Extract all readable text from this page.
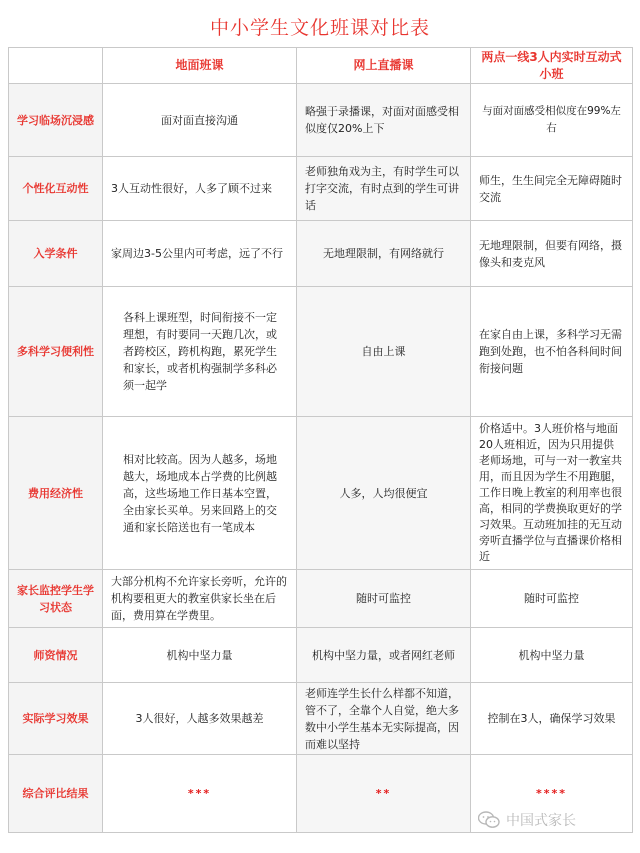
中小学生文化班课对比表
	地面班课	网上直播课	两点一线3人内实时互动式小班
学习临场沉浸感	面对面直接沟通	略强于录播课，对面对面感受相似度仅20%上下	与面对面感受相似度在99%左右
个性化互动性	3人互动性很好，人多了顾不过来	老师独角戏为主，有时学生可以打字交流，有时点到的学生可讲话	师生，生生间完全无障碍随时交流
入学条件	家周边3-5公里内可考虑，远了不行	无地理限制，有网络就行	无地理限制，但要有网络，摄像头和麦克风
多科学习便利性	各科上课班型，时间衔接不一定理想，有时要同一天跑几次，或者跨校区，跨机构跑，累死学生和家长，或者机构强制学多科必须一起学	自由上课	在家自由上课，多科学习无需跑到处跑，也不怕各科间时间衔接问题
费用经济性	相对比较高。因为人越多，场地越大，场地成本占学费的比例越高，这些场地工作日基本空置，全由家长买单。另来回路上的交通和家长陪送也有一笔成本	人多，人均很便宜	价格适中。3人班价格与地面20人班相近，因为只用提供老师场地，可与一对一教室共用，而且因为学生不用跑腿，工作日晚上教室的利用率也很高，相同的学费换取更好的学习效果。互动班加挂的无互动旁听直播学位与直播课价格相近
家长监控学生学习状态	大部分机构不允许家长旁听，允许的机构要租更大的教室供家长坐在后面，费用算在学费里。	随时可监控	随时可监控
师资情况	机构中坚力量	机构中坚力量，或者网红老师	机构中坚力量
实际学习效果	3人很好，人越多效果越差	老师连学生长什么样都不知道，管不了，全靠个人自觉，绝大多数中小学生基本无实际提高，因而难以坚持	控制在3人，确保学习效果
综合评比结果	***	**	****
中国式家长
